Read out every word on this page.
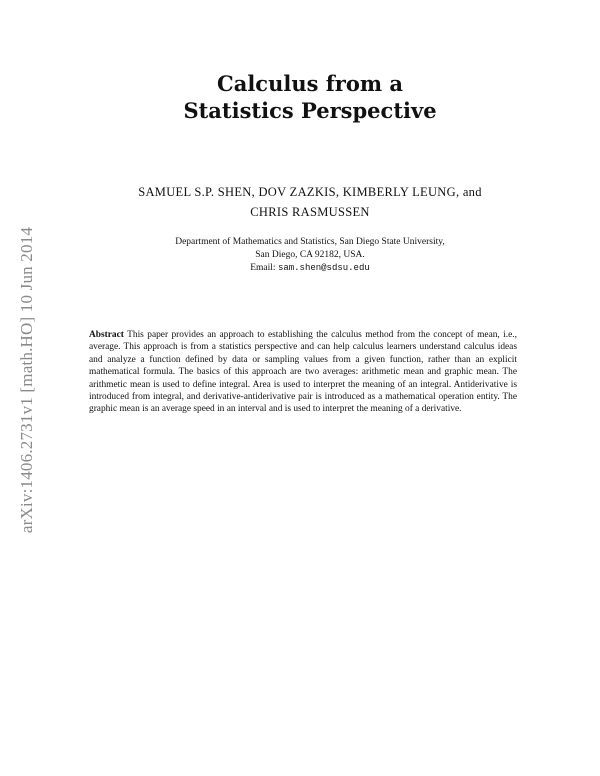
arXiv:1406.2731v1 [math.HO] 10 Jun 2014
Calculus from a
Statistics Perspective
SAMUEL S.P. SHEN, DOV ZAZKIS, KIMBERLY LEUNG, and
CHRIS RASMUSSEN
Department of Mathematics and Statistics, San Diego State University,
San Diego, CA 92182, USA.
Email: sam.shen@sdsu.edu
Abstract This paper provides an approach to establishing the calculus method from the concept of mean, i.e., average. This approach is from a statistics perspective and can help calculus learners understand calculus ideas and analyze a function defined by data or sampling values from a given function, rather than an explicit mathematical formula. The basics of this approach are two averages: arithmetic mean and graphic mean. The arithmetic mean is used to define integral. Area is used to interpret the meaning of an integral. Antiderivative is introduced from integral, and derivative-antiderivative pair is introduced as a mathematical operation entity. The graphic mean is an average speed in an interval and is used to interpret the meaning of a derivative.
